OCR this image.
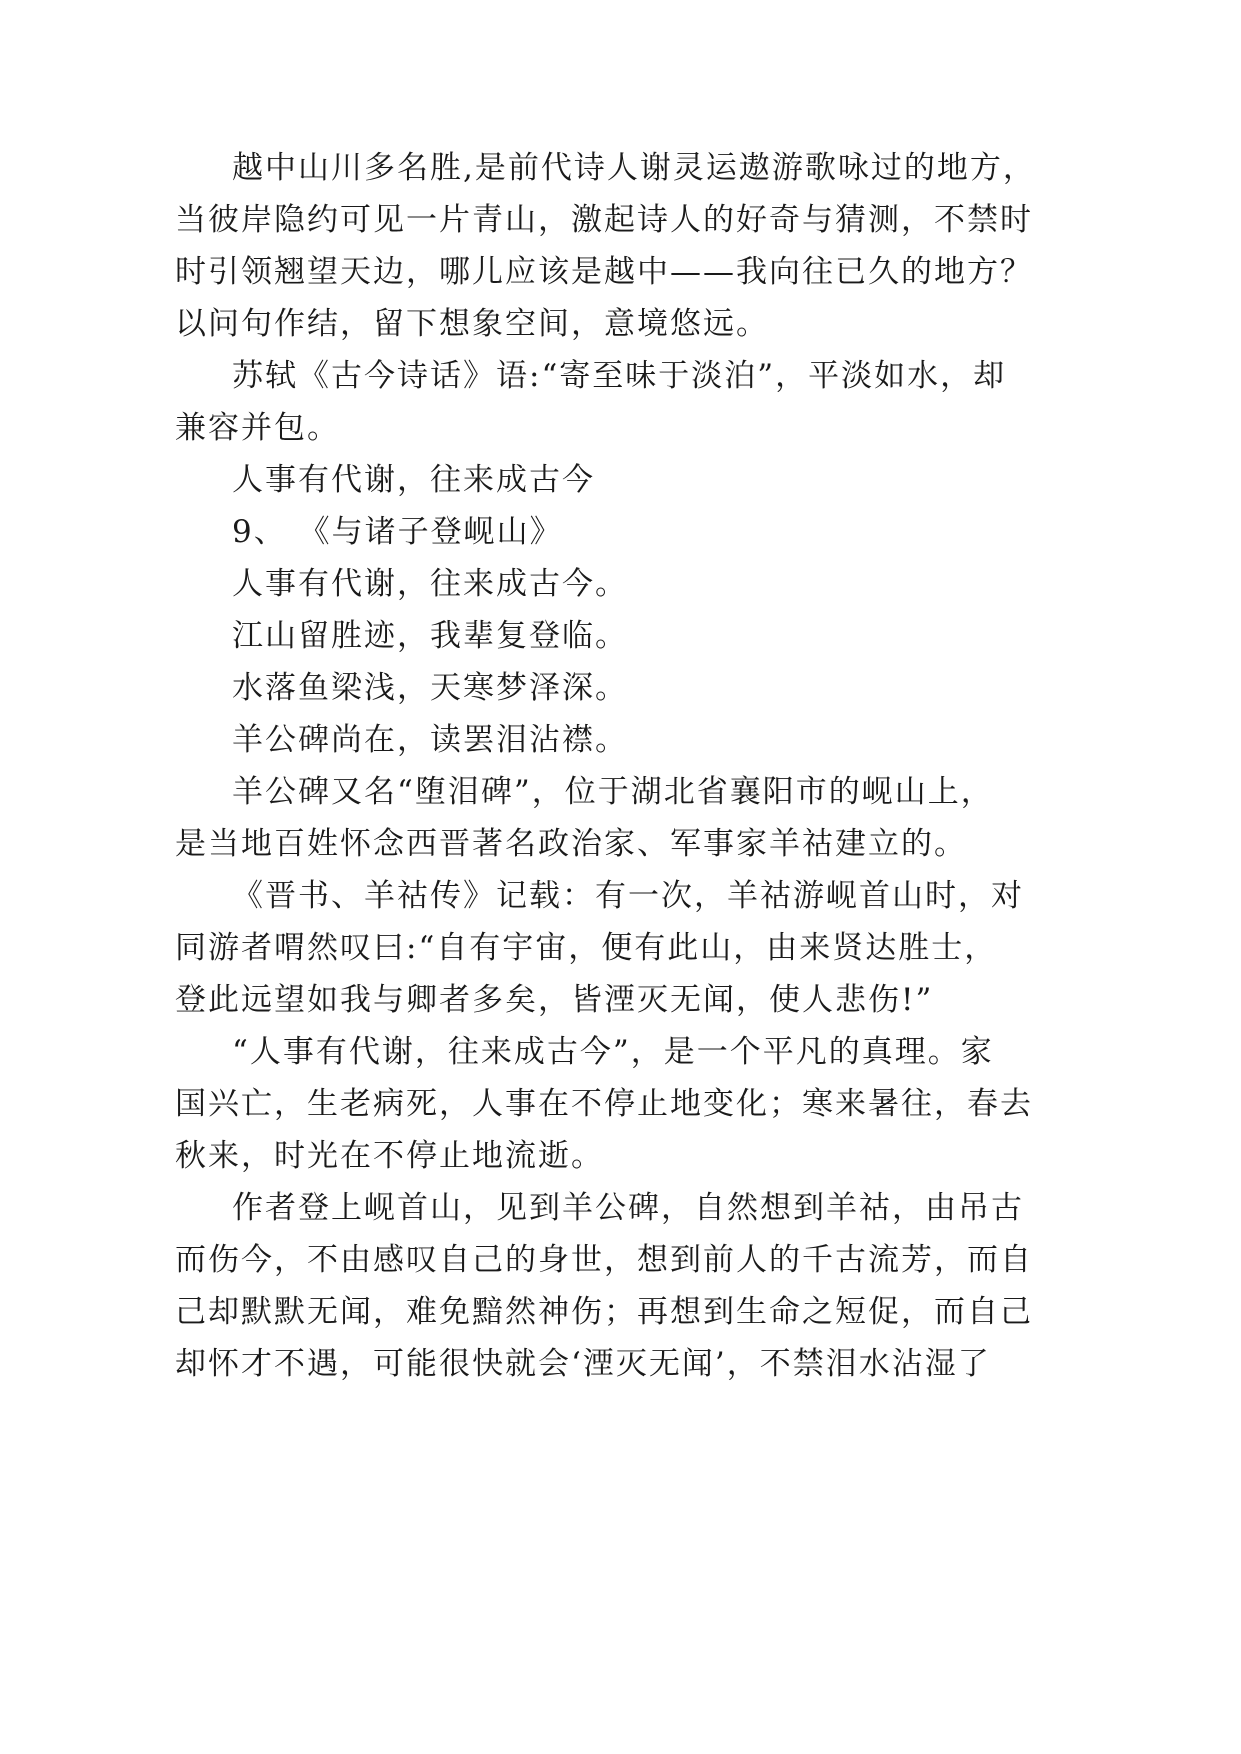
越中山川多名胜,是前代诗人谢灵运遨游歌咏过的地方，
当彼岸隐约可见一片青山，激起诗人的好奇与猜测，不禁时
时引领翘望天边，哪儿应该是越中——我向往已久的地方？
以问句作结，留下想象空间，意境悠远。
苏轼《古今诗话》语:“寄至味于淡泊”，平淡如水，却
兼容并包。
人事有代谢，往来成古今
9、 《与诸子登岘山》
人事有代谢，往来成古今。
江山留胜迹，我辈复登临。
水落鱼梁浅，天寒梦泽深。
羊公碑尚在，读罢泪沾襟。
羊公碑又名“堕泪碑”，位于湖北省襄阳市的岘山上，
是当地百姓怀念西晋著名政治家、军事家羊祜建立的。
《晋书、羊祜传》记载：有一次，羊祜游岘首山时，对
同游者喟然叹曰:“自有宇宙，便有此山，由来贤达胜士，
登此远望如我与卿者多矣，皆湮灭无闻，使人悲伤!”
“人事有代谢，往来成古今”，是一个平凡的真理。家
国兴亡，生老病死，人事在不停止地变化；寒来暑往，春去
秋来，时光在不停止地流逝。
作者登上岘首山，见到羊公碑，自然想到羊祜，由吊古
而伤今，不由感叹自己的身世，想到前人的千古流芳，而自
己却默默无闻，难免黯然神伤；再想到生命之短促，而自己
却怀才不遇，可能很快就会‘湮灭无闻’，不禁泪水沾湿了
